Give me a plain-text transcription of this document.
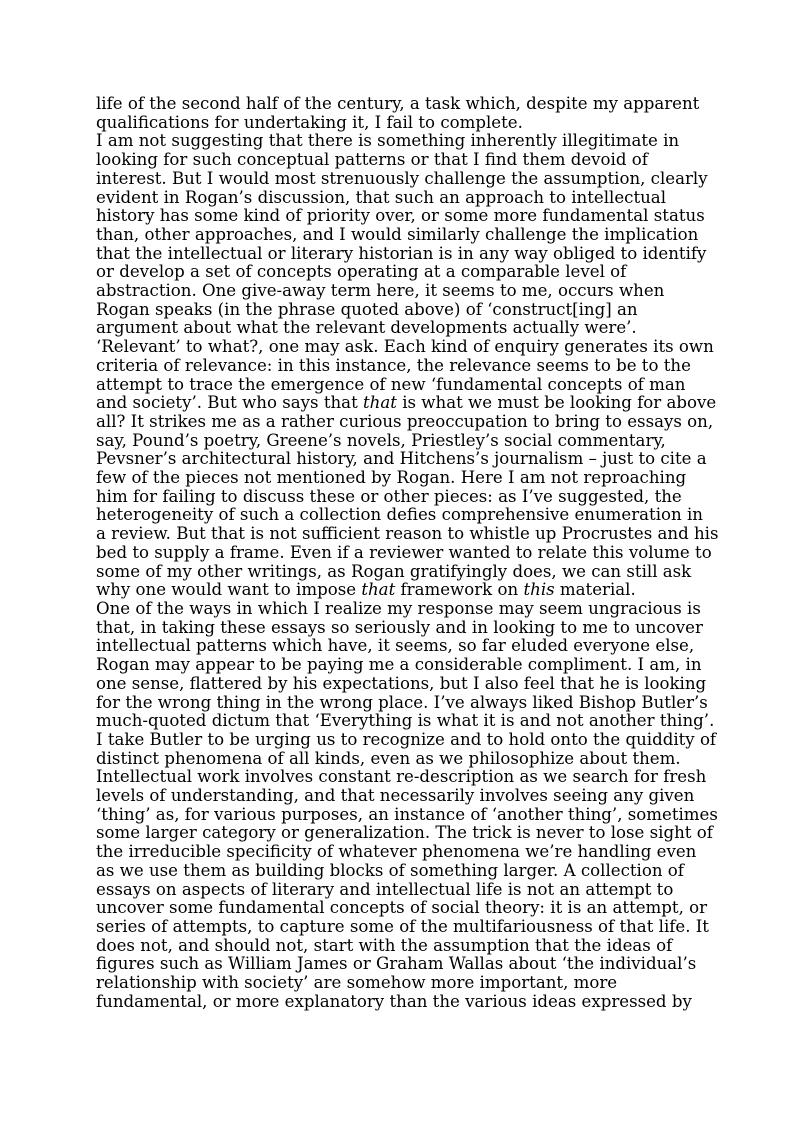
life of the second half of the century, a task which, despite my apparent
qualifications for undertaking it, I fail to complete.
I am not suggesting that there is something inherently illegitimate in
looking for such conceptual patterns or that I find them devoid of
interest. But I would most strenuously challenge the assumption, clearly
evident in Rogan’s discussion, that such an approach to intellectual
history has some kind of priority over, or some more fundamental status
than, other approaches, and I would similarly challenge the implication
that the intellectual or literary historian is in any way obliged to identify
or develop a set of concepts operating at a comparable level of
abstraction. One give-away term here, it seems to me, occurs when
Rogan speaks (in the phrase quoted above) of ‘construct[ing] an
argument about what the relevant developments actually were’.
‘Relevant’ to what?, one may ask. Each kind of enquiry generates its own
criteria of relevance: in this instance, the relevance seems to be to the
attempt to trace the emergence of new ‘fundamental concepts of man
and society’. But who says that that is what we must be looking for above
all? It strikes me as a rather curious preoccupation to bring to essays on,
say, Pound’s poetry, Greene’s novels, Priestley’s social commentary,
Pevsner’s architectural history, and Hitchens’s journalism – just to cite a
few of the pieces not mentioned by Rogan. Here I am not reproaching
him for failing to discuss these or other pieces: as I’ve suggested, the
heterogeneity of such a collection defies comprehensive enumeration in
a review. But that is not sufficient reason to whistle up Procrustes and his
bed to supply a frame. Even if a reviewer wanted to relate this volume to
some of my other writings, as Rogan gratifyingly does, we can still ask
why one would want to impose that framework on this material.
One of the ways in which I realize my response may seem ungracious is
that, in taking these essays so seriously and in looking to me to uncover
intellectual patterns which have, it seems, so far eluded everyone else,
Rogan may appear to be paying me a considerable compliment. I am, in
one sense, flattered by his expectations, but I also feel that he is looking
for the wrong thing in the wrong place. I’ve always liked Bishop Butler’s
much-quoted dictum that ‘Everything is what it is and not another thing’.
I take Butler to be urging us to recognize and to hold onto the quiddity of
distinct phenomena of all kinds, even as we philosophize about them.
Intellectual work involves constant re-description as we search for fresh
levels of understanding, and that necessarily involves seeing any given
‘thing’ as, for various purposes, an instance of ‘another thing’, sometimes
some larger category or generalization. The trick is never to lose sight of
the irreducible specificity of whatever phenomena we’re handling even
as we use them as building blocks of something larger. A collection of
essays on aspects of literary and intellectual life is not an attempt to
uncover some fundamental concepts of social theory: it is an attempt, or
series of attempts, to capture some of the multifariousness of that life. It
does not, and should not, start with the assumption that the ideas of
figures such as William James or Graham Wallas about ‘the individual’s
relationship with society’ are somehow more important, more
fundamental, or more explanatory than the various ideas expressed by
